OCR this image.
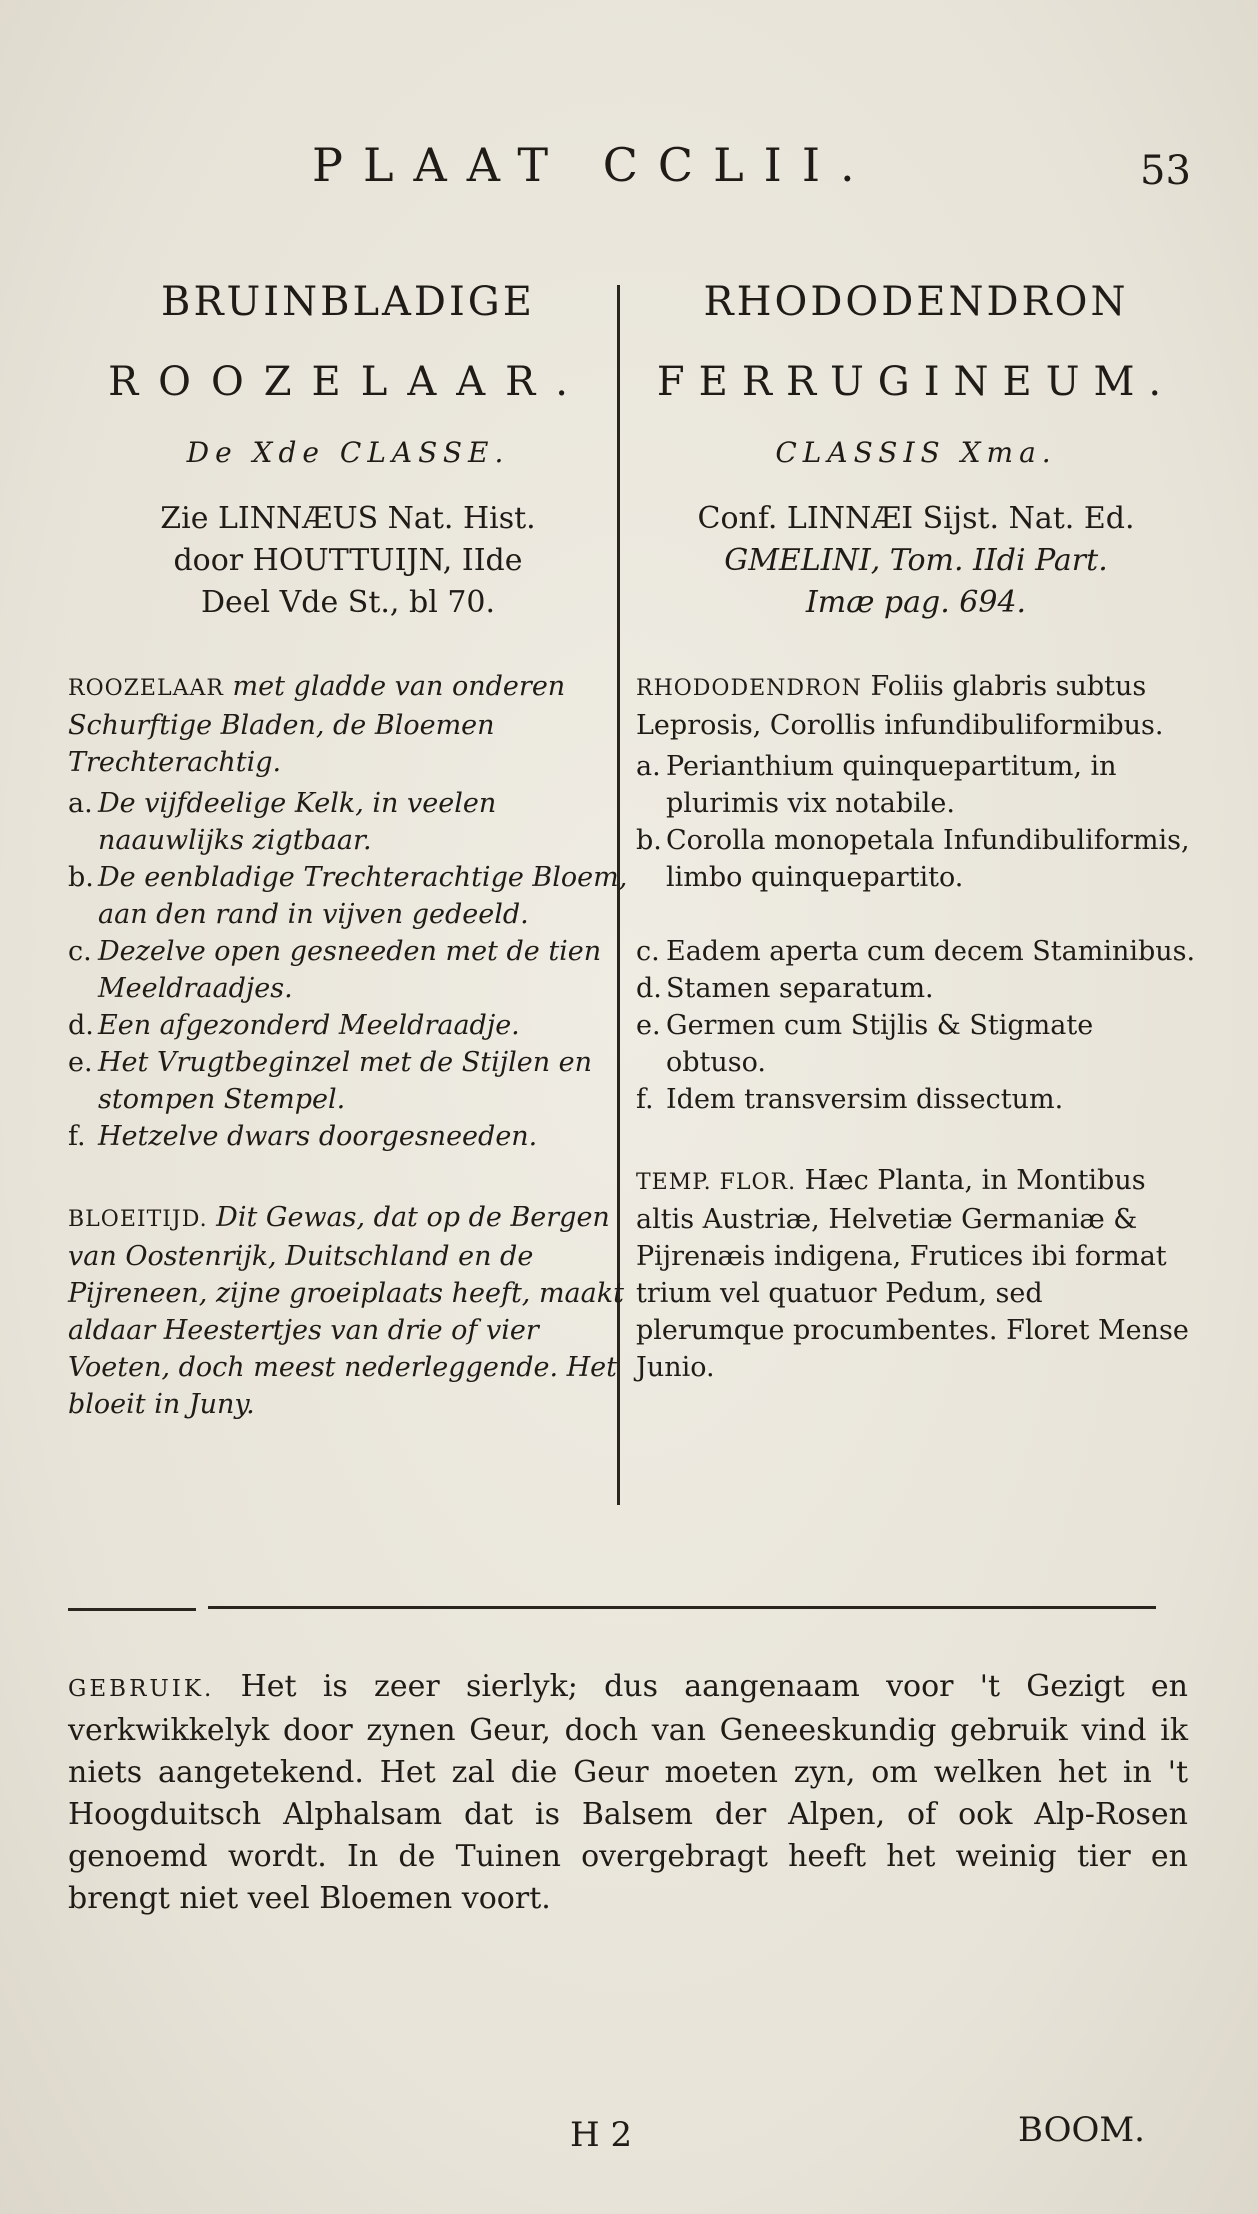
PLAAT CCLII.	53
BRUINBLADIGE
ROOZELAAR.
De Xde CLASSE.
Zie LINNÆUS Nat. Hist.
door HOUTTUIJN, IIde
Deel Vde St., bl 70.
ROOZELAAR met gladde van onderen Schurftige Bladen, de Bloemen Trechterachtig.
a. De vijfdeelige Kelk, in veelen naauwlijks zigtbaar.
b. De eenbladige Trechterachtige Bloem, aan den rand in vijven gedeeld.
c. Dezelve open gesneeden met de tien Meeldraadjes.
d. Een afgezonderd Meeldraadje.
e. Het Vrugtbeginzel met de Stijlen en stompen Stempel.
f. Hetzelve dwars doorgesneeden.
BLOEITIJD. Dit Gewas, dat op de Bergen van Oostenrijk, Duitschland en de Pijreneen, zijne groeiplaats heeft, maakt aldaar Heestertjes van drie of vier Voeten, doch meest nederleggende. Het bloeit in Juny.
RHODODENDRON
FERRUGINEUM.
CLASSIS Xma.
Conf. LINNÆI Sijst. Nat. Ed.
GMELINI, Tom. IIdi Part.
Imæ pag. 694.
RHODODENDRON Foliis glabris subtus Leprosis, Corollis infundibuliformibus.
a. Perianthium quinquepartitum, in plurimis vix notabile.
b. Corolla monopetala Infundibuliformis, limbo quinquepartito.
c. Eadem aperta cum decem Staminibus.
d. Stamen separatum.
e. Germen cum Stijlis & Stigmate obtuso.
f. Idem transversim dissectum.
TEMP. FLOR. Hæc Planta, in Montibus altis Austriæ, Helvetiæ Germaniæ & Pijrenæis indigena, Frutices ibi format trium vel quatuor Pedum, sed plerumque procumbentes. Floret Mense Junio.
GEBRUIK. Het is zeer sierlyk; dus aangenaam voor 't Gezigt en verkwikkelyk door zynen Geur, doch van Geneeskundig gebruik vind ik niets aangetekend. Het zal die Geur moeten zyn, om welken het in 't Hoogduitsch Alphalsam dat is Balsem der Alpen, of ook Alp-Rosen genoemd wordt. In de Tuinen overgebragt heeft het weinig tier en brengt niet veel Bloemen voort.
H 2	BOOM.
